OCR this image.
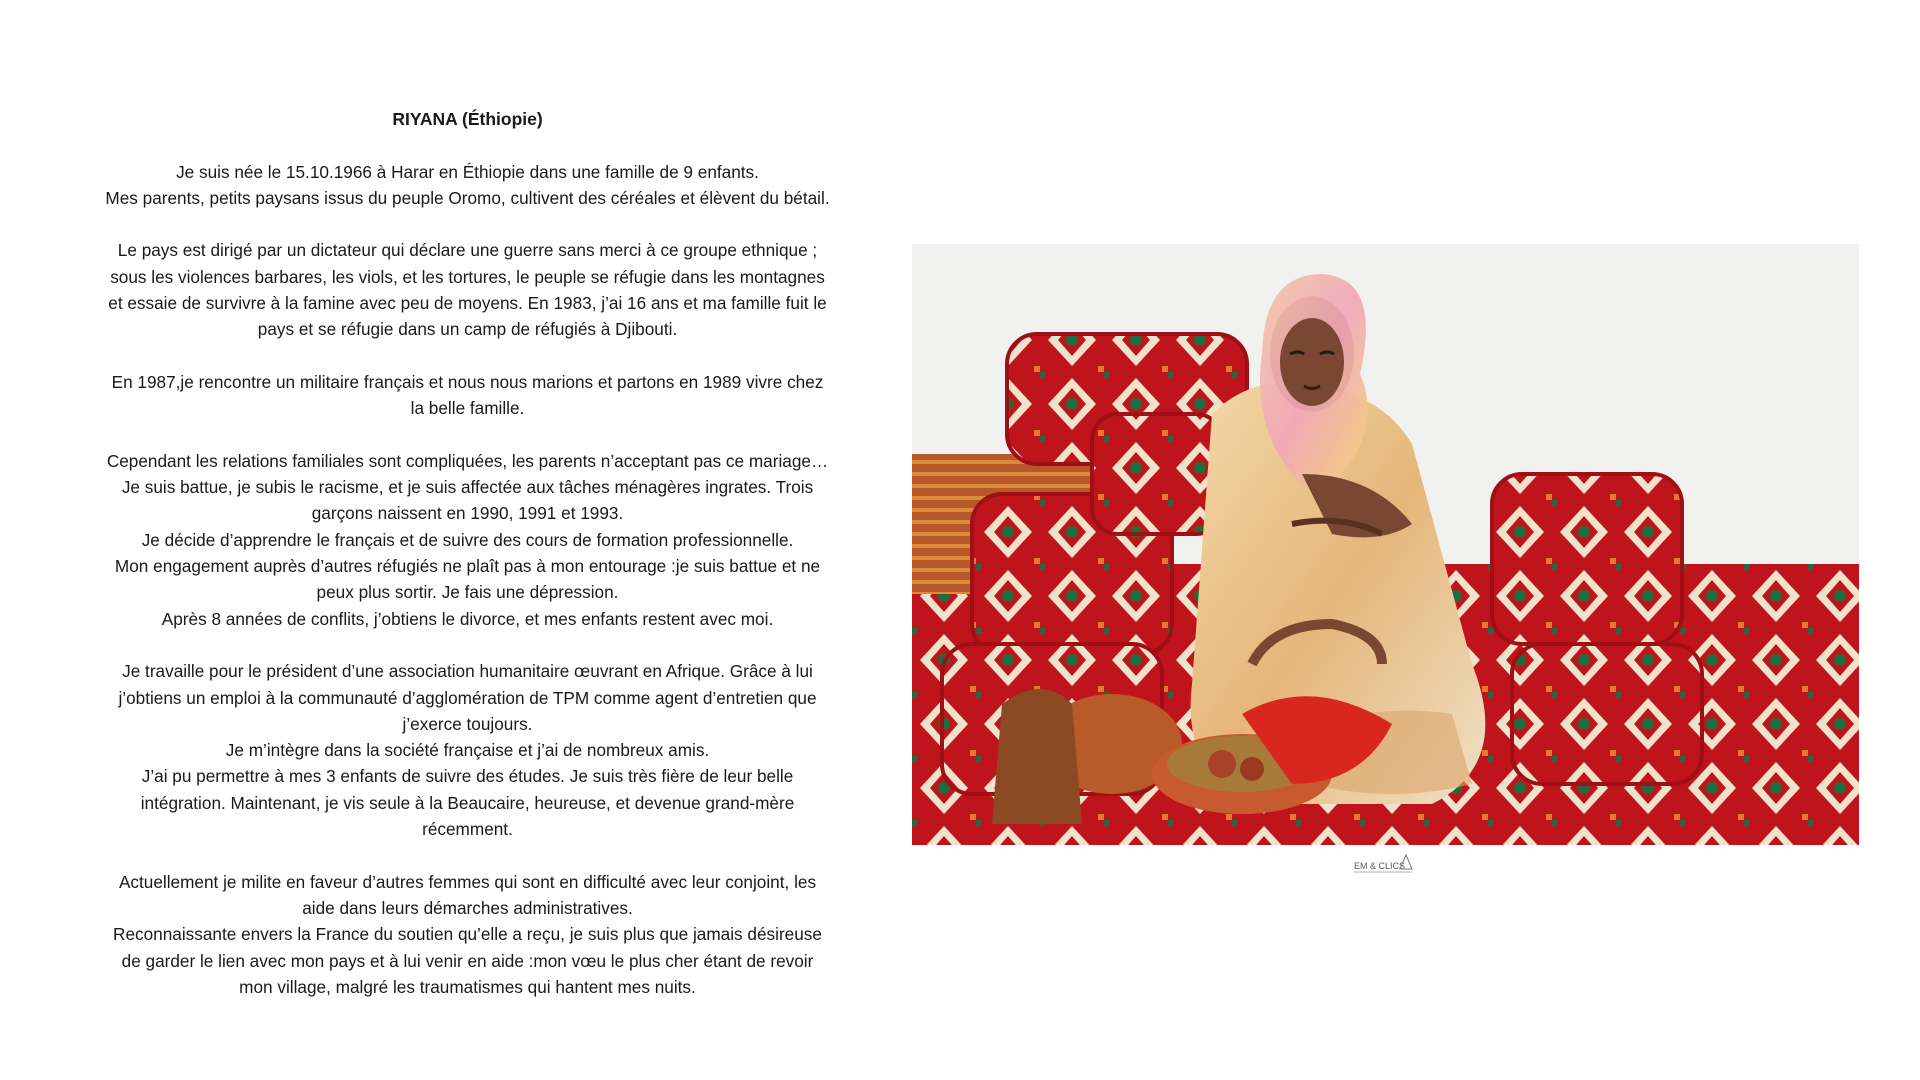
RIYANA (Éthiopie)
Je suis née le 15.10.1966 à Harar en Éthiopie dans une famille de 9 enfants.
Mes parents, petits paysans issus du peuple Oromo, cultivent des céréales et élèvent du bétail.
Le pays est dirigé par un dictateur qui déclare une guerre sans merci à ce groupe ethnique ; sous les violences barbares, les viols, et les tortures, le peuple se réfugie dans les montagnes et essaie de survivre à la famine avec peu de moyens. En 1983, j’ai 16 ans et ma famille fuit le pays et se réfugie dans un camp de réfugiés à Djibouti.
En 1987,je rencontre un militaire français et nous nous marions et partons en 1989 vivre chez la belle famille.
Cependant les relations familiales sont compliquées, les parents n’acceptant pas ce mariage… Je suis battue, je subis le racisme, et je suis affectée aux tâches ménagères ingrates. Trois garçons naissent en 1990, 1991 et 1993.
Je décide d’apprendre le français et de suivre des cours de formation professionnelle.
Mon engagement auprès d’autres réfugiés ne plaît pas à mon entourage :je suis battue et ne peux plus sortir. Je fais une dépression.
Après 8 années de conflits, j’obtiens le divorce, et mes enfants restent avec moi.
Je travaille pour le président d’une association humanitaire œuvrant en Afrique. Grâce à lui j’obtiens un emploi à la communauté d’agglomération de TPM comme agent d’entretien que j’exerce toujours.
Je m’intègre dans la société française et j’ai de nombreux amis.
J’ai pu permettre à mes 3 enfants de suivre des études. Je suis très fière de leur belle intégration. Maintenant, je vis seule à la Beaucaire, heureuse, et devenue grand-mère récemment.
Actuellement je milite en faveur d’autres femmes qui sont en difficulté avec leur conjoint, les aide dans leurs démarches administratives.
Reconnaissante envers la France du soutien qu’elle a reçu, je suis plus que jamais désireuse de garder le lien avec mon pays et à lui venir en aide :mon vœu le plus cher étant de revoir mon village, malgré les traumatismes qui hantent mes nuits.
EM & CLICS
